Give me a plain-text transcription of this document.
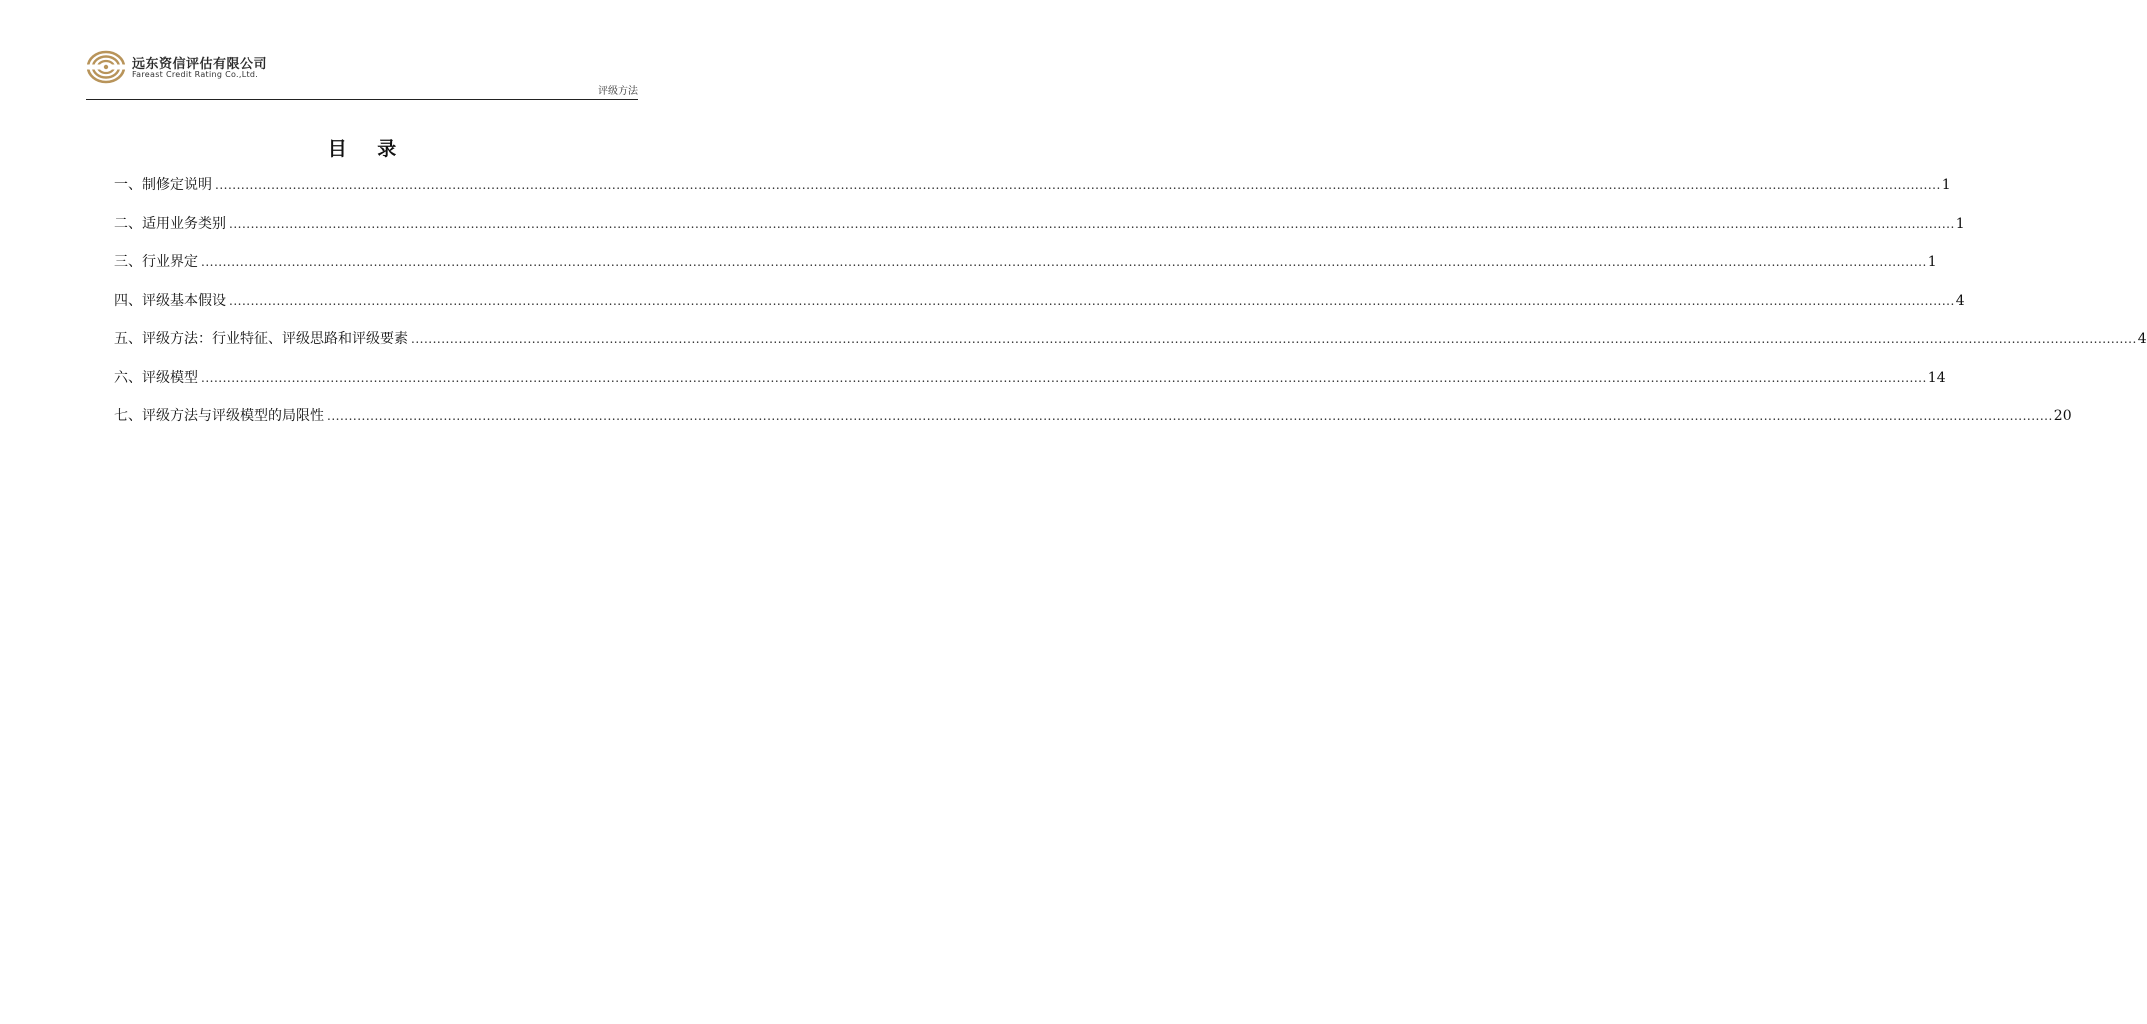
远东资信评估有限公司
Fareast Credit Rating Co.,Ltd.
评级方法
目 录
一、制修定说明 ................................................................................................................................................................................................................................................................................................................................................................................................................ 1
二、适用业务类别 ................................................................................................................................................................................................................................................................................................................................................................................................................ 1
三、行业界定 ................................................................................................................................................................................................................................................................................................................................................................................................................ 1
四、评级基本假设 ................................................................................................................................................................................................................................................................................................................................................................................................................ 4
五、评级方法：行业特征、评级思路和评级要素 ................................................................................................................................................................................................................................................................................................................................................................................................................ 4
六、评级模型 ................................................................................................................................................................................................................................................................................................................................................................................................................ 14
七、评级方法与评级模型的局限性 ................................................................................................................................................................................................................................................................................................................................................................................................................ 20
